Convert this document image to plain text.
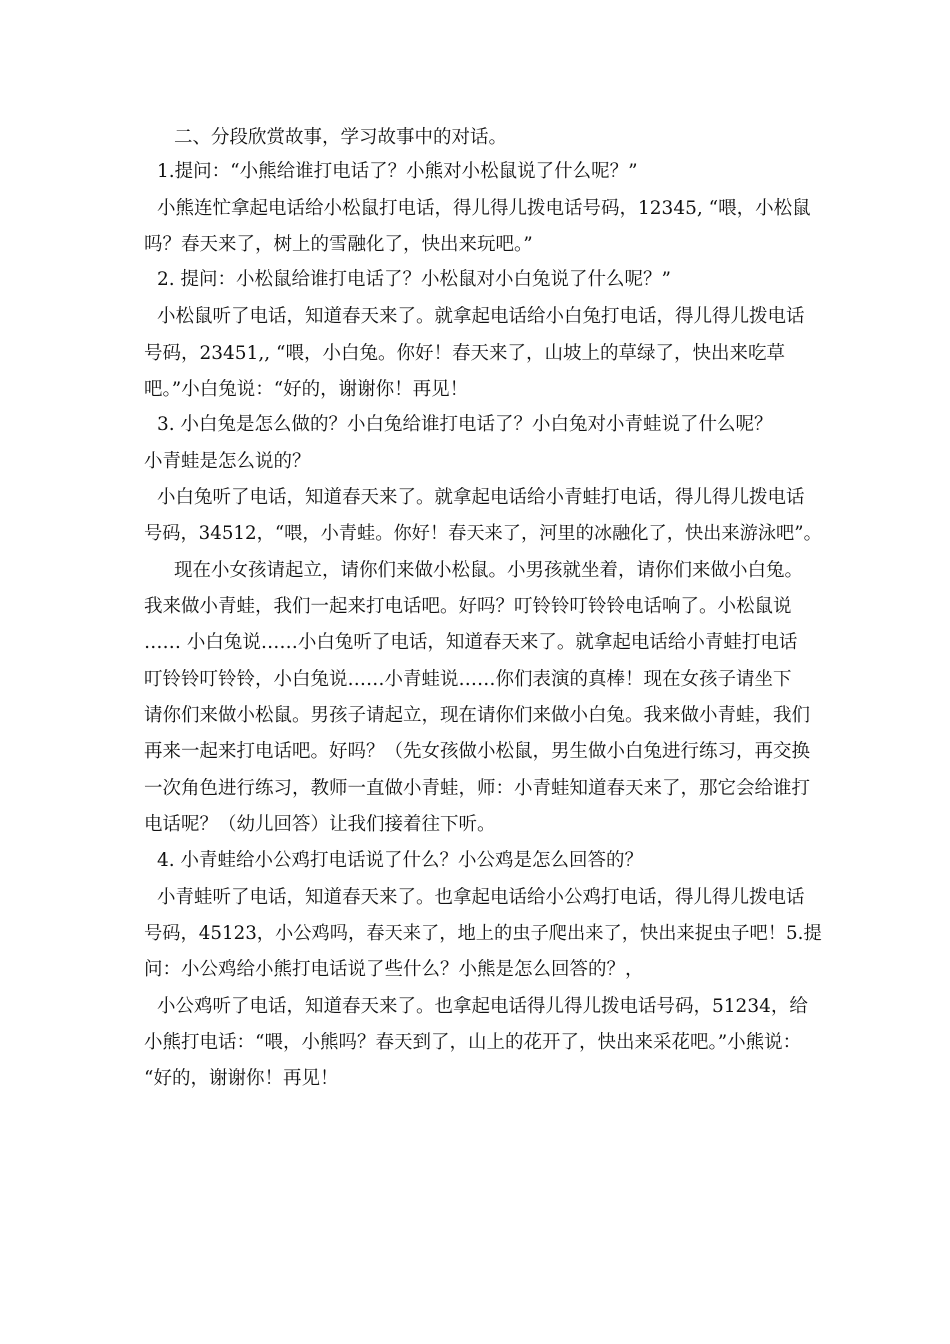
二、分段欣赏故事，学习故事中的对话。
1.提问：“小熊给谁打电话了？小熊对小松鼠说了什么呢？”
小熊连忙拿起电话给小松鼠打电话，得儿得儿拨电话号码，12345, “喂，小松鼠
吗？春天来了，树上的雪融化了，快出来玩吧。”
2. 提问：小松鼠给谁打电话了？小松鼠对小白兔说了什么呢？”
小松鼠听了电话，知道春天来了。就拿起电话给小白兔打电话，得儿得儿拨电话
号码，23451,, “喂，小白兔。你好！春天来了，山坡上的草绿了，快出来吃草
吧。”小白兔说：“好的，谢谢你！再见！
3. 小白兔是怎么做的？小白兔给谁打电话了？小白兔对小青蛙说了什么呢？
小青蛙是怎么说的？
小白兔听了电话，知道春天来了。就拿起电话给小青蛙打电话，得儿得儿拨电话
号码，34512，“喂，小青蛙。你好！春天来了，河里的冰融化了，快出来游泳吧”。
现在小女孩请起立，请你们来做小松鼠。小男孩就坐着，请你们来做小白兔。
我来做小青蛙，我们一起来打电话吧。好吗？叮铃铃叮铃铃电话响了。小松鼠说
…… 小白兔说……小白兔听了电话，知道春天来了。就拿起电话给小青蛙打电话
叮铃铃叮铃铃，小白兔说……小青蛙说……你们表演的真棒！现在女孩子请坐下
请你们来做小松鼠。男孩子请起立，现在请你们来做小白兔。我来做小青蛙，我们
再来一起来打电话吧。好吗？（先女孩做小松鼠，男生做小白兔进行练习，再交换
一次角色进行练习，教师一直做小青蛙，师：小青蛙知道春天来了，那它会给谁打
电话呢？（幼儿回答）让我们接着往下听。
4. 小青蛙给小公鸡打电话说了什么？小公鸡是怎么回答的？
小青蛙听了电话，知道春天来了。也拿起电话给小公鸡打电话，得儿得儿拨电话
号码，45123，小公鸡吗，春天来了，地上的虫子爬出来了，快出来捉虫子吧！5.提
问：小公鸡给小熊打电话说了些什么？小熊是怎么回答的？，
小公鸡听了电话，知道春天来了。也拿起电话得儿得儿拨电话号码，51234，给
小熊打电话：“喂，小熊吗？春天到了，山上的花开了，快出来采花吧。”小熊说：
“好的，谢谢你！再见！
